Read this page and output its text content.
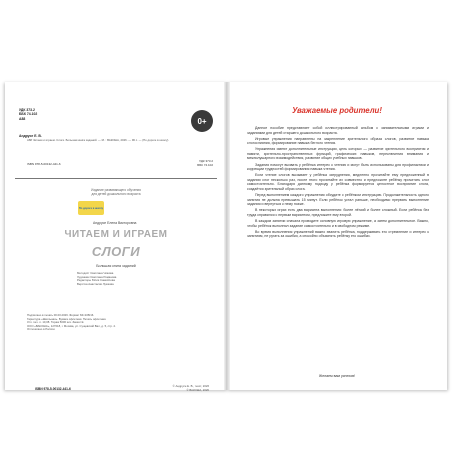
УДК 373.2
ББК 74.102
А88	0+
Андрусе Е. В.
А88 Читаем и играем. Слоги. Большая книга заданий. — М. : ВАКОША, 2026. — 96 с. — (По дороге в школу).
ISBN 978-5-00132-441-6
УДК 373.2
ББК 74.102
Издание развивающего обучения
для детей дошкольного возраста
По дороге в школу
Андрусе Елена Викторовна
ЧИТАЕМ И ИГРАЕМ
СЛОГИ
Большая книга заданий
Методист Светлана Чижова
Художник Светлана Романова
Редакторы Юлия Самойлова
Верстка Анастасия Лужкова
Подписано в печать 00.00.2026. Формат 84×108/16.
Гарнитура «Школьная». Бумага офсетная. Печать офсетная.
Усл. печ. л. 10,08. Тираж 5000 экз. Заказ №
ООО «ВАКОША», 127018, г. Москва, ул. Сущевский Вал, д. 5, стр. 2.
Отпечатано в России.
ISBN 978-5-00132-441-6
© Андрусе Е. В., текст, 2026
© ВАКОША, 2026
Уважаемые родители!

Данное пособие представляет собой иллюстрированный альбом с занимательными играми и заданиями для детей старшего дошкольного возраста.

Игровые упражнения направлены на закрепление зрительного образа слогов, развитие навыка слогослияния, формирование навыка беглого чтения.

Упражнения имеют дополнительные инструкции, цель которых — развитие зрительного восприятия и памяти, зрительно-пространственных функций, графических навыков, переключения внимания и межполушарного взаимодействия, развитие общих учебных навыков.

Задания помогут вызвать у ребёнка интерес к чтению и могут быть использованы для профилактики и коррекции трудностей формирования навыка чтения.

Если чтение слогов вызывает у ребёнка затруднения, медленно прочитайте ему предложенный в задании слог несколько раз, после этого прочитайте их совместно и предложите ребёнку прочитать слог самостоятельно. Благодаря данному подходу у ребёнка формируется целостное восприятие слога, создаётся зрительный образ слога.

Перед выполнением каждого упражнения обсудите с ребёнком инструкцию. Продолжительность одного занятия не должна превышать 15 минут. Если ребёнок устал раньше, необходимо прервать выполнение задания и вернуться к нему позже.

В некоторых играх есть два варианта выполнения: более лёгкий и более сложный. Если ребёнок без труда справился с первым вариантом, предложите ему второй.

В каждом занятии сначала проводите основную игровую упражнение, а затем дополнительное. Важно, чтобы ребёнок выполнял задание самостоятельно и в свободном режиме.

Во время выполнения упражнений важно хвалить ребёнка, поддерживать его стремление и интерес к занятиям, не ругать за ошибки, а спокойно объяснять ребёнку его ошибки.

Желаем вам успехов!
